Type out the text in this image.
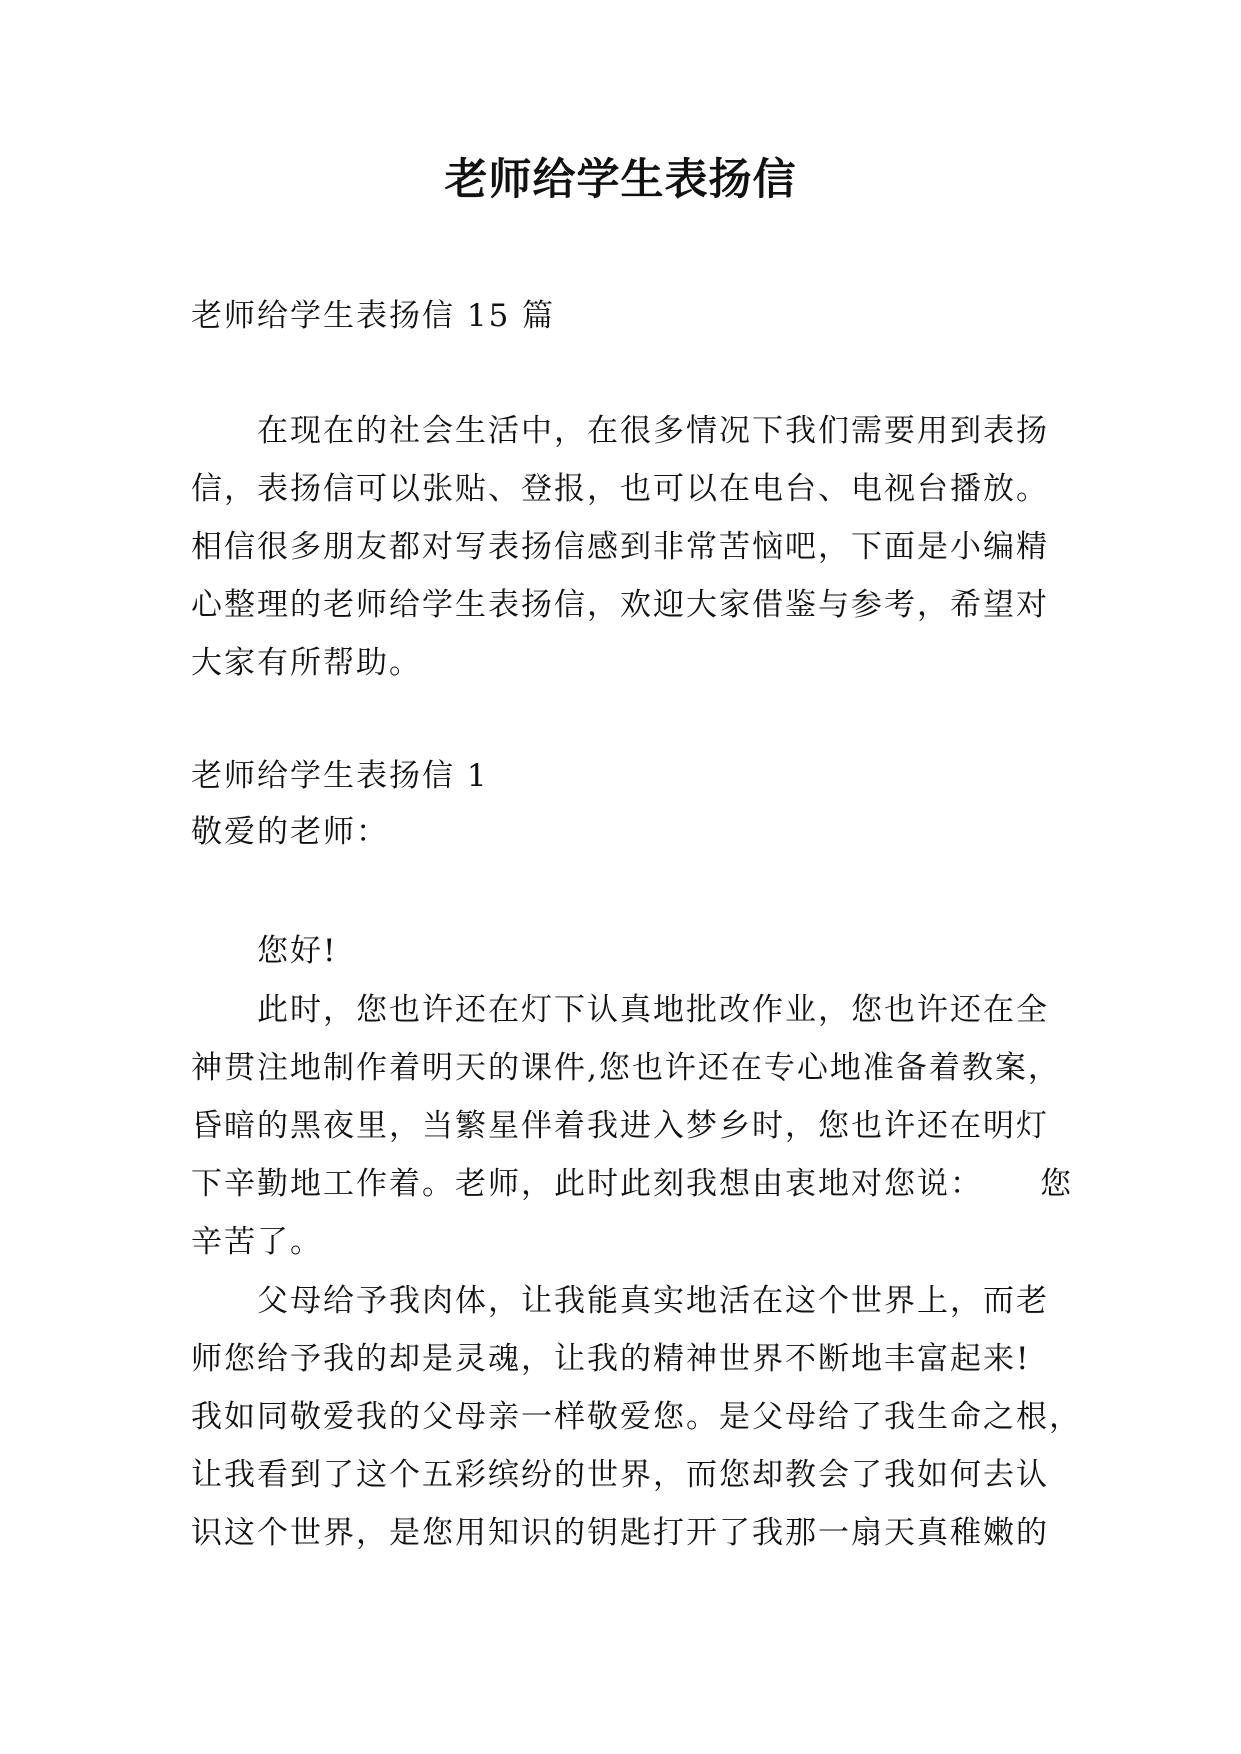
老师给学生表扬信

老师给学生表扬信 15 篇

在现在的社会生活中，在很多情况下我们需要用到表扬

信，表扬信可以张贴、登报，也可以在电台、电视台播放。

相信很多朋友都对写表扬信感到非常苦恼吧，下面是小编精

心整理的老师给学生表扬信，欢迎大家借鉴与参考，希望对

大家有所帮助。

老师给学生表扬信 1

敬爱的老师：

您好!

此时，您也许还在灯下认真地批改作业，您也许还在全

神贯注地制作着明天的课件,您也许还在专心地准备着教案，

昏暗的黑夜里，当繁星伴着我进入梦乡时，您也许还在明灯

下辛勤地工作着。老师，此时此刻我想由衷地对您说： 您

辛苦了。

父母给予我肉体，让我能真实地活在这个世界上，而老

师您给予我的却是灵魂，让我的精神世界不断地丰富起来!

我如同敬爱我的父母亲一样敬爱您。是父母给了我生命之根，

让我看到了这个五彩缤纷的世界，而您却教会了我如何去认

识这个世界，是您用知识的钥匙打开了我那一扇天真稚嫩的
